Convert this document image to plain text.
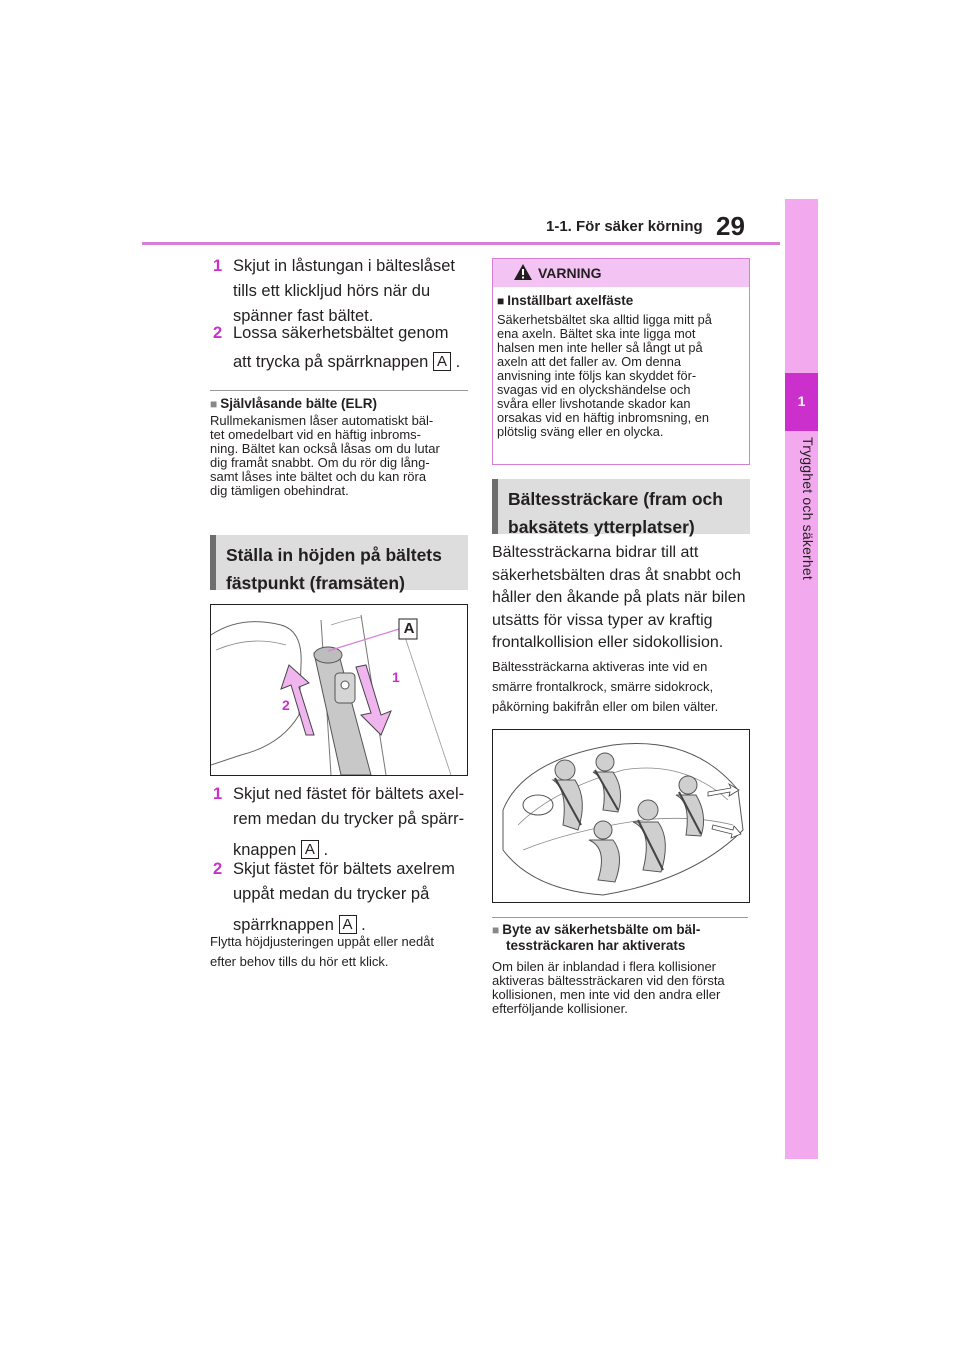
1-1. För säker körning 29
1
Trygghet och säkerhet
1 Skjut in låstungan i bälteslåset
tills ett klickljud hörs när du
spänner fast bältet.
2 Lossa säkerhetsbältet genom
att trycka på spärrknappen A .
■ Självlåsande bälte (ELR)
Rullmekanismen låser automatiskt bäl-
tet omedelbart vid en häftig inbroms-
ning. Bältet kan också låsas om du lutar
dig framåt snabbt. Om du rör dig lång-
samt låses inte bältet och du kan röra
dig tämligen obehindrat.
Ställa in höjden på bältets
fästpunkt (framsäten)
A
1
2
1 Skjut ned fästet för bältets axel-
rem medan du trycker på spärr-
knappen A .
2 Skjut fästet för bältets axelrem
uppåt medan du trycker på
spärrknappen A .
Flytta höjdjusteringen uppåt eller nedåt
efter behov tills du hör ett klick.
VARNING
■ Inställbart axelfäste
Säkerhetsbältet ska alltid ligga mitt på
ena axeln. Bältet ska inte ligga mot
halsen men inte heller så långt ut på
axeln att det faller av. Om denna
anvisning inte följs kan skyddet för-
svagas vid en olyckshändelse och
svåra eller livshotande skador kan
orsakas vid en häftig inbromsning, en
plötslig sväng eller en olycka.
Bältessträckare (fram och
baksätets ytterplatser)
Bältessträckarna bidrar till att
säkerhetsbälten dras åt snabbt och
håller den åkande på plats när bilen
utsätts för vissa typer av kraftig
frontalkollision eller sidokollision.
Bältessträckarna aktiveras inte vid en
smärre frontalkrock, smärre sidokrock,
påkörning bakifrån eller om bilen välter.
■ Byte av säkerhetsbälte om bäl-
tessträckaren har aktiverats
Om bilen är inblandad i flera kollisioner
aktiveras bältessträckaren vid den första
kollisionen, men inte vid den andra eller
efterföljande kollisioner.
